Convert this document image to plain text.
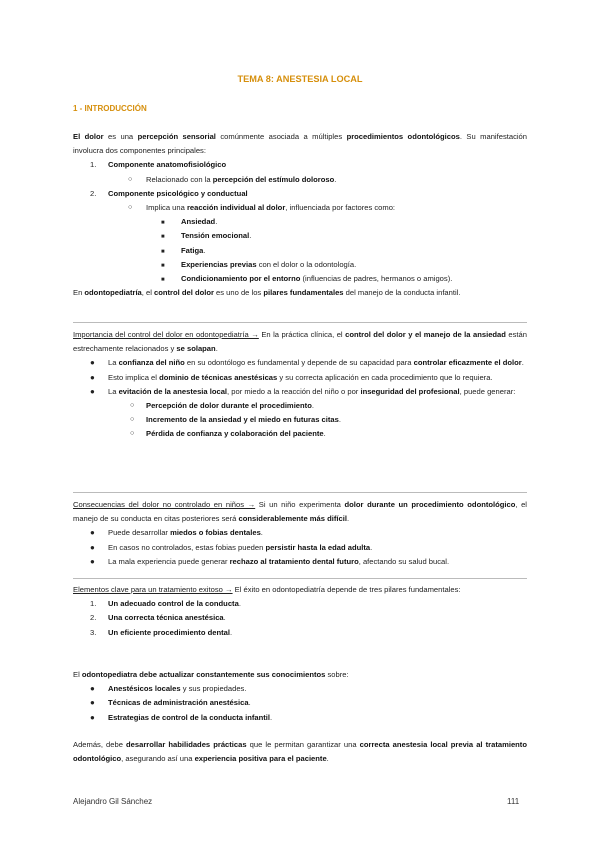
TEMA 8: ANESTESIA LOCAL
1 - INTRODUCCIÓN
El dolor es una percepción sensorial comúnmente asociada a múltiples procedimientos odontológicos. Su manifestación involucra dos componentes principales:
1. Componente anatomofisiológico
○ Relacionado con la percepción del estímulo doloroso.
2. Componente psicológico y conductual
○ Implica una reacción individual al dolor, influenciada por factores como:
■ Ansiedad.
■ Tensión emocional.
■ Fatiga.
■ Experiencias previas con el dolor o la odontología.
■ Condicionamiento por el entorno (influencias de padres, hermanos o amigos).
En odontopediatría, el control del dolor es uno de los pilares fundamentales del manejo de la conducta infantil.
Importancia del control del dolor en odontopediatría → En la práctica clínica, el control del dolor y el manejo de la ansiedad están estrechamente relacionados y se solapan.
● La confianza del niño en su odontólogo es fundamental y depende de su capacidad para controlar eficazmente el dolor.
● Esto implica el dominio de técnicas anestésicas y su correcta aplicación en cada procedimiento que lo requiera.
● La evitación de la anestesia local, por miedo a la reacción del niño o por inseguridad del profesional, puede generar:
○ Percepción de dolor durante el procedimiento.
○ Incremento de la ansiedad y el miedo en futuras citas.
○ Pérdida de confianza y colaboración del paciente.
Consecuencias del dolor no controlado en niños → Si un niño experimenta dolor durante un procedimiento odontológico, el manejo de su conducta en citas posteriores será considerablemente más difícil.
● Puede desarrollar miedos o fobias dentales.
● En casos no controlados, estas fobias pueden persistir hasta la edad adulta.
● La mala experiencia puede generar rechazo al tratamiento dental futuro, afectando su salud bucal.
Elementos clave para un tratamiento exitoso → El éxito en odontopediatría depende de tres pilares fundamentales:
1. Un adecuado control de la conducta.
2. Una correcta técnica anestésica.
3. Un eficiente procedimiento dental.
El odontopediatra debe actualizar constantemente sus conocimientos sobre:
● Anestésicos locales y sus propiedades.
● Técnicas de administración anestésica.
● Estrategias de control de la conducta infantil.
Además, debe desarrollar habilidades prácticas que le permitan garantizar una correcta anestesia local previa al tratamiento odontológico, asegurando así una experiencia positiva para el paciente.
Alejandro Gil Sánchez	111
